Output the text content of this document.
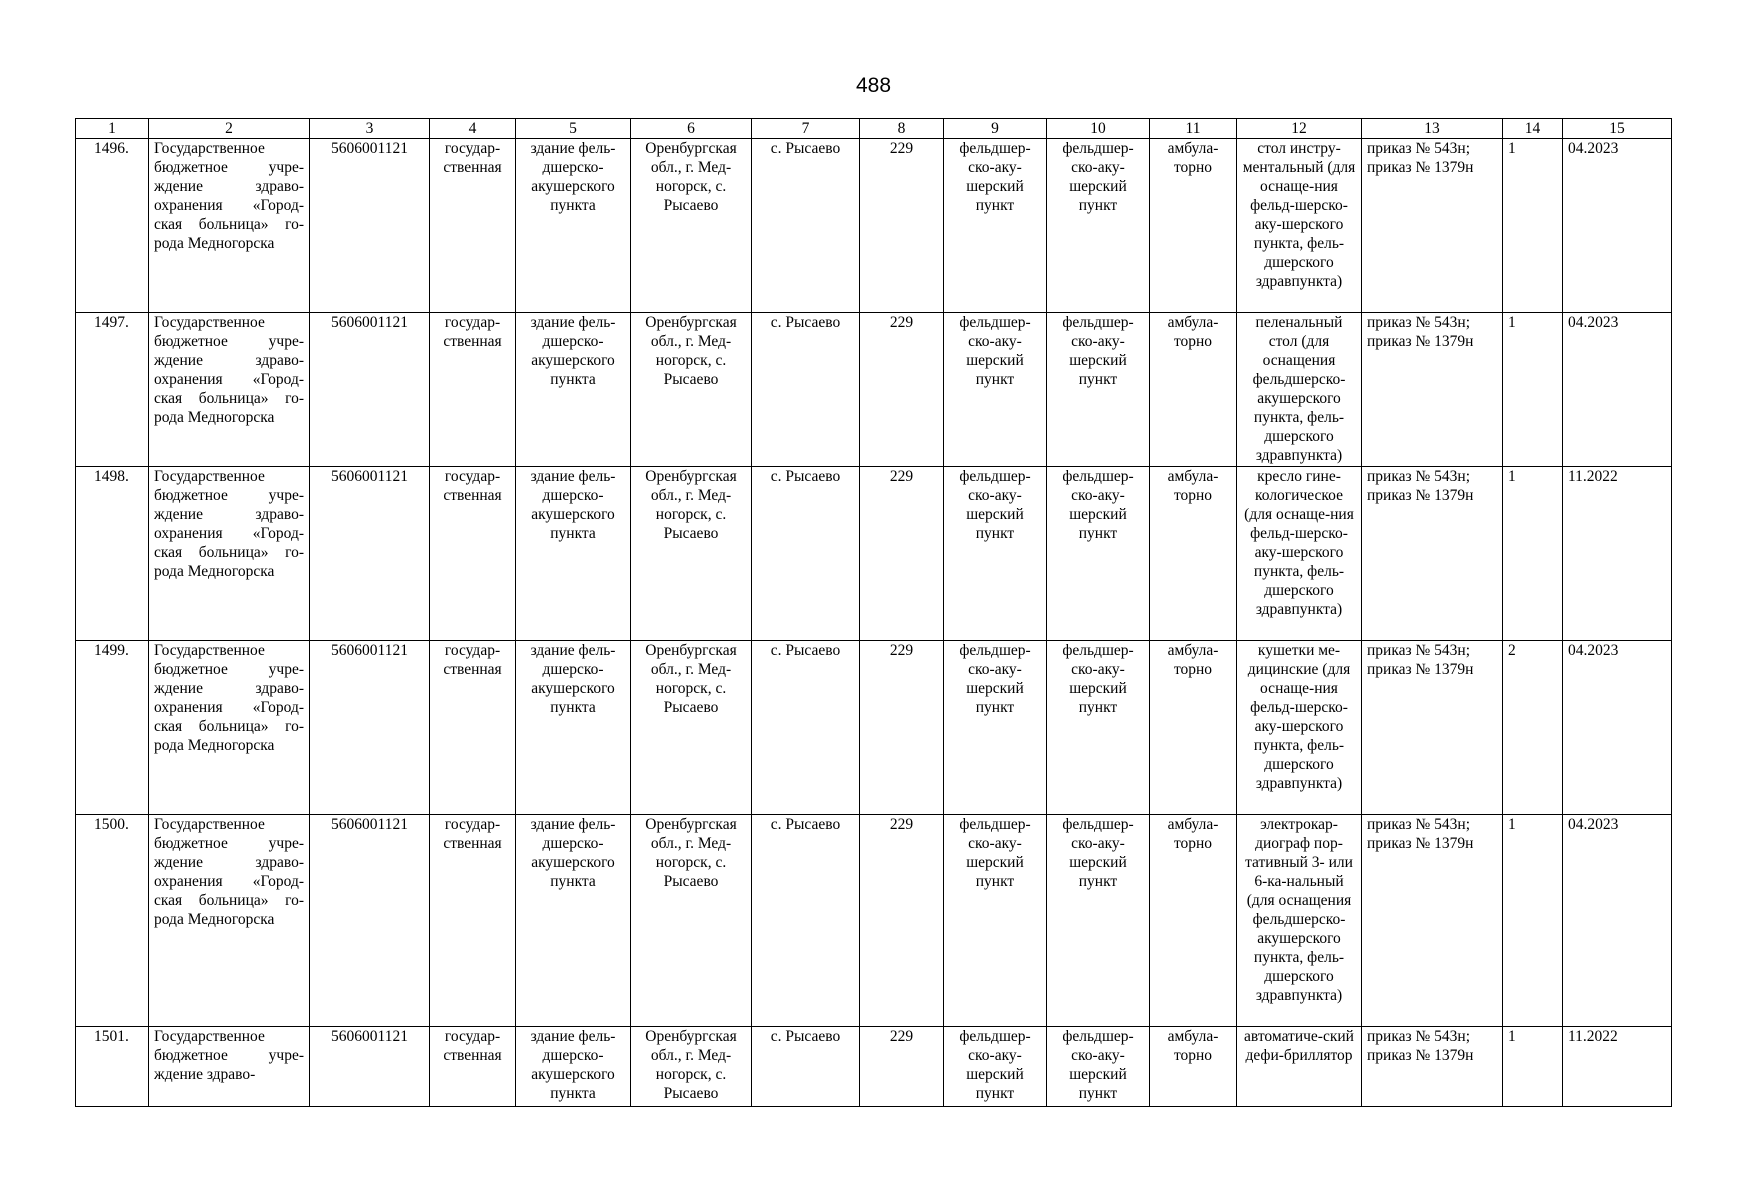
488
1	2	3	4	5	6	7	8	9	10	11	12	13	14	15
1496.	Государственное бюджетное учре-ждение здраво-охранения «Город-ская больница» го-рода Медногорска	5606001121	государ-ственная	здание фель-дшерско-акушерского пункта	Оренбургская обл., г. Мед-ногорск, с. Рысаево	с. Рысаево	229	фельдшер-ско-аку-шерский пункт	фельдшер-ско-аку-шерский пункт	амбула-торно	стол инстру-ментальный (для оснаще-ния фельд-шерско-аку-шерского пункта, фель-дшерского здравпункта)	приказ № 543н; приказ № 1379н	1	04.2023
1497.	Государственное бюджетное учре-ждение здраво-охранения «Город-ская больница» го-рода Медногорска	5606001121	государ-ственная	здание фель-дшерско-акушерского пункта	Оренбургская обл., г. Мед-ногорск, с. Рысаево	с. Рысаево	229	фельдшер-ско-аку-шерский пункт	фельдшер-ско-аку-шерский пункт	амбула-торно	пеленальный стол (для оснащения фельдшерско-акушерского пункта, фель-дшерского здравпункта)	приказ № 543н; приказ № 1379н	1	04.2023
1498.	Государственное бюджетное учре-ждение здраво-охранения «Город-ская больница» го-рода Медногорска	5606001121	государ-ственная	здание фель-дшерско-акушерского пункта	Оренбургская обл., г. Мед-ногорск, с. Рысаево	с. Рысаево	229	фельдшер-ско-аку-шерский пункт	фельдшер-ско-аку-шерский пункт	амбула-торно	кресло гине-кологическое (для оснаще-ния фельд-шерско-аку-шерского пункта, фель-дшерского здравпункта)	приказ № 543н; приказ № 1379н	1	11.2022
1499.	Государственное бюджетное учре-ждение здраво-охранения «Город-ская больница» го-рода Медногорска	5606001121	государ-ственная	здание фель-дшерско-акушерского пункта	Оренбургская обл., г. Мед-ногорск, с. Рысаево	с. Рысаево	229	фельдшер-ско-аку-шерский пункт	фельдшер-ско-аку-шерский пункт	амбула-торно	кушетки ме-дицинские (для оснаще-ния фельд-шерско-аку-шерского пункта, фель-дшерского здравпункта)	приказ № 543н; приказ № 1379н	2	04.2023
1500.	Государственное бюджетное учре-ждение здраво-охранения «Город-ская больница» го-рода Медногорска	5606001121	государ-ственная	здание фель-дшерско-акушерского пункта	Оренбургская обл., г. Мед-ногорск, с. Рысаево	с. Рысаево	229	фельдшер-ско-аку-шерский пункт	фельдшер-ско-аку-шерский пункт	амбула-торно	электрокар-диограф пор-тативный 3- или 6-ка-нальный (для оснащения фельдшерско-акушерского пункта, фель-дшерского здравпункта)	приказ № 543н; приказ № 1379н	1	04.2023
1501.	Государственное бюджетное учре-ждение здраво-	5606001121	государ-ственная	здание фель-дшерско-акушерского пункта	Оренбургская обл., г. Мед-ногорск, с. Рысаево	с. Рысаево	229	фельдшер-ско-аку-шерский пункт	фельдшер-ско-аку-шерский пункт	амбула-торно	автоматиче-ский дефи-бриллятор	приказ № 543н; приказ № 1379н	1	11.2022
